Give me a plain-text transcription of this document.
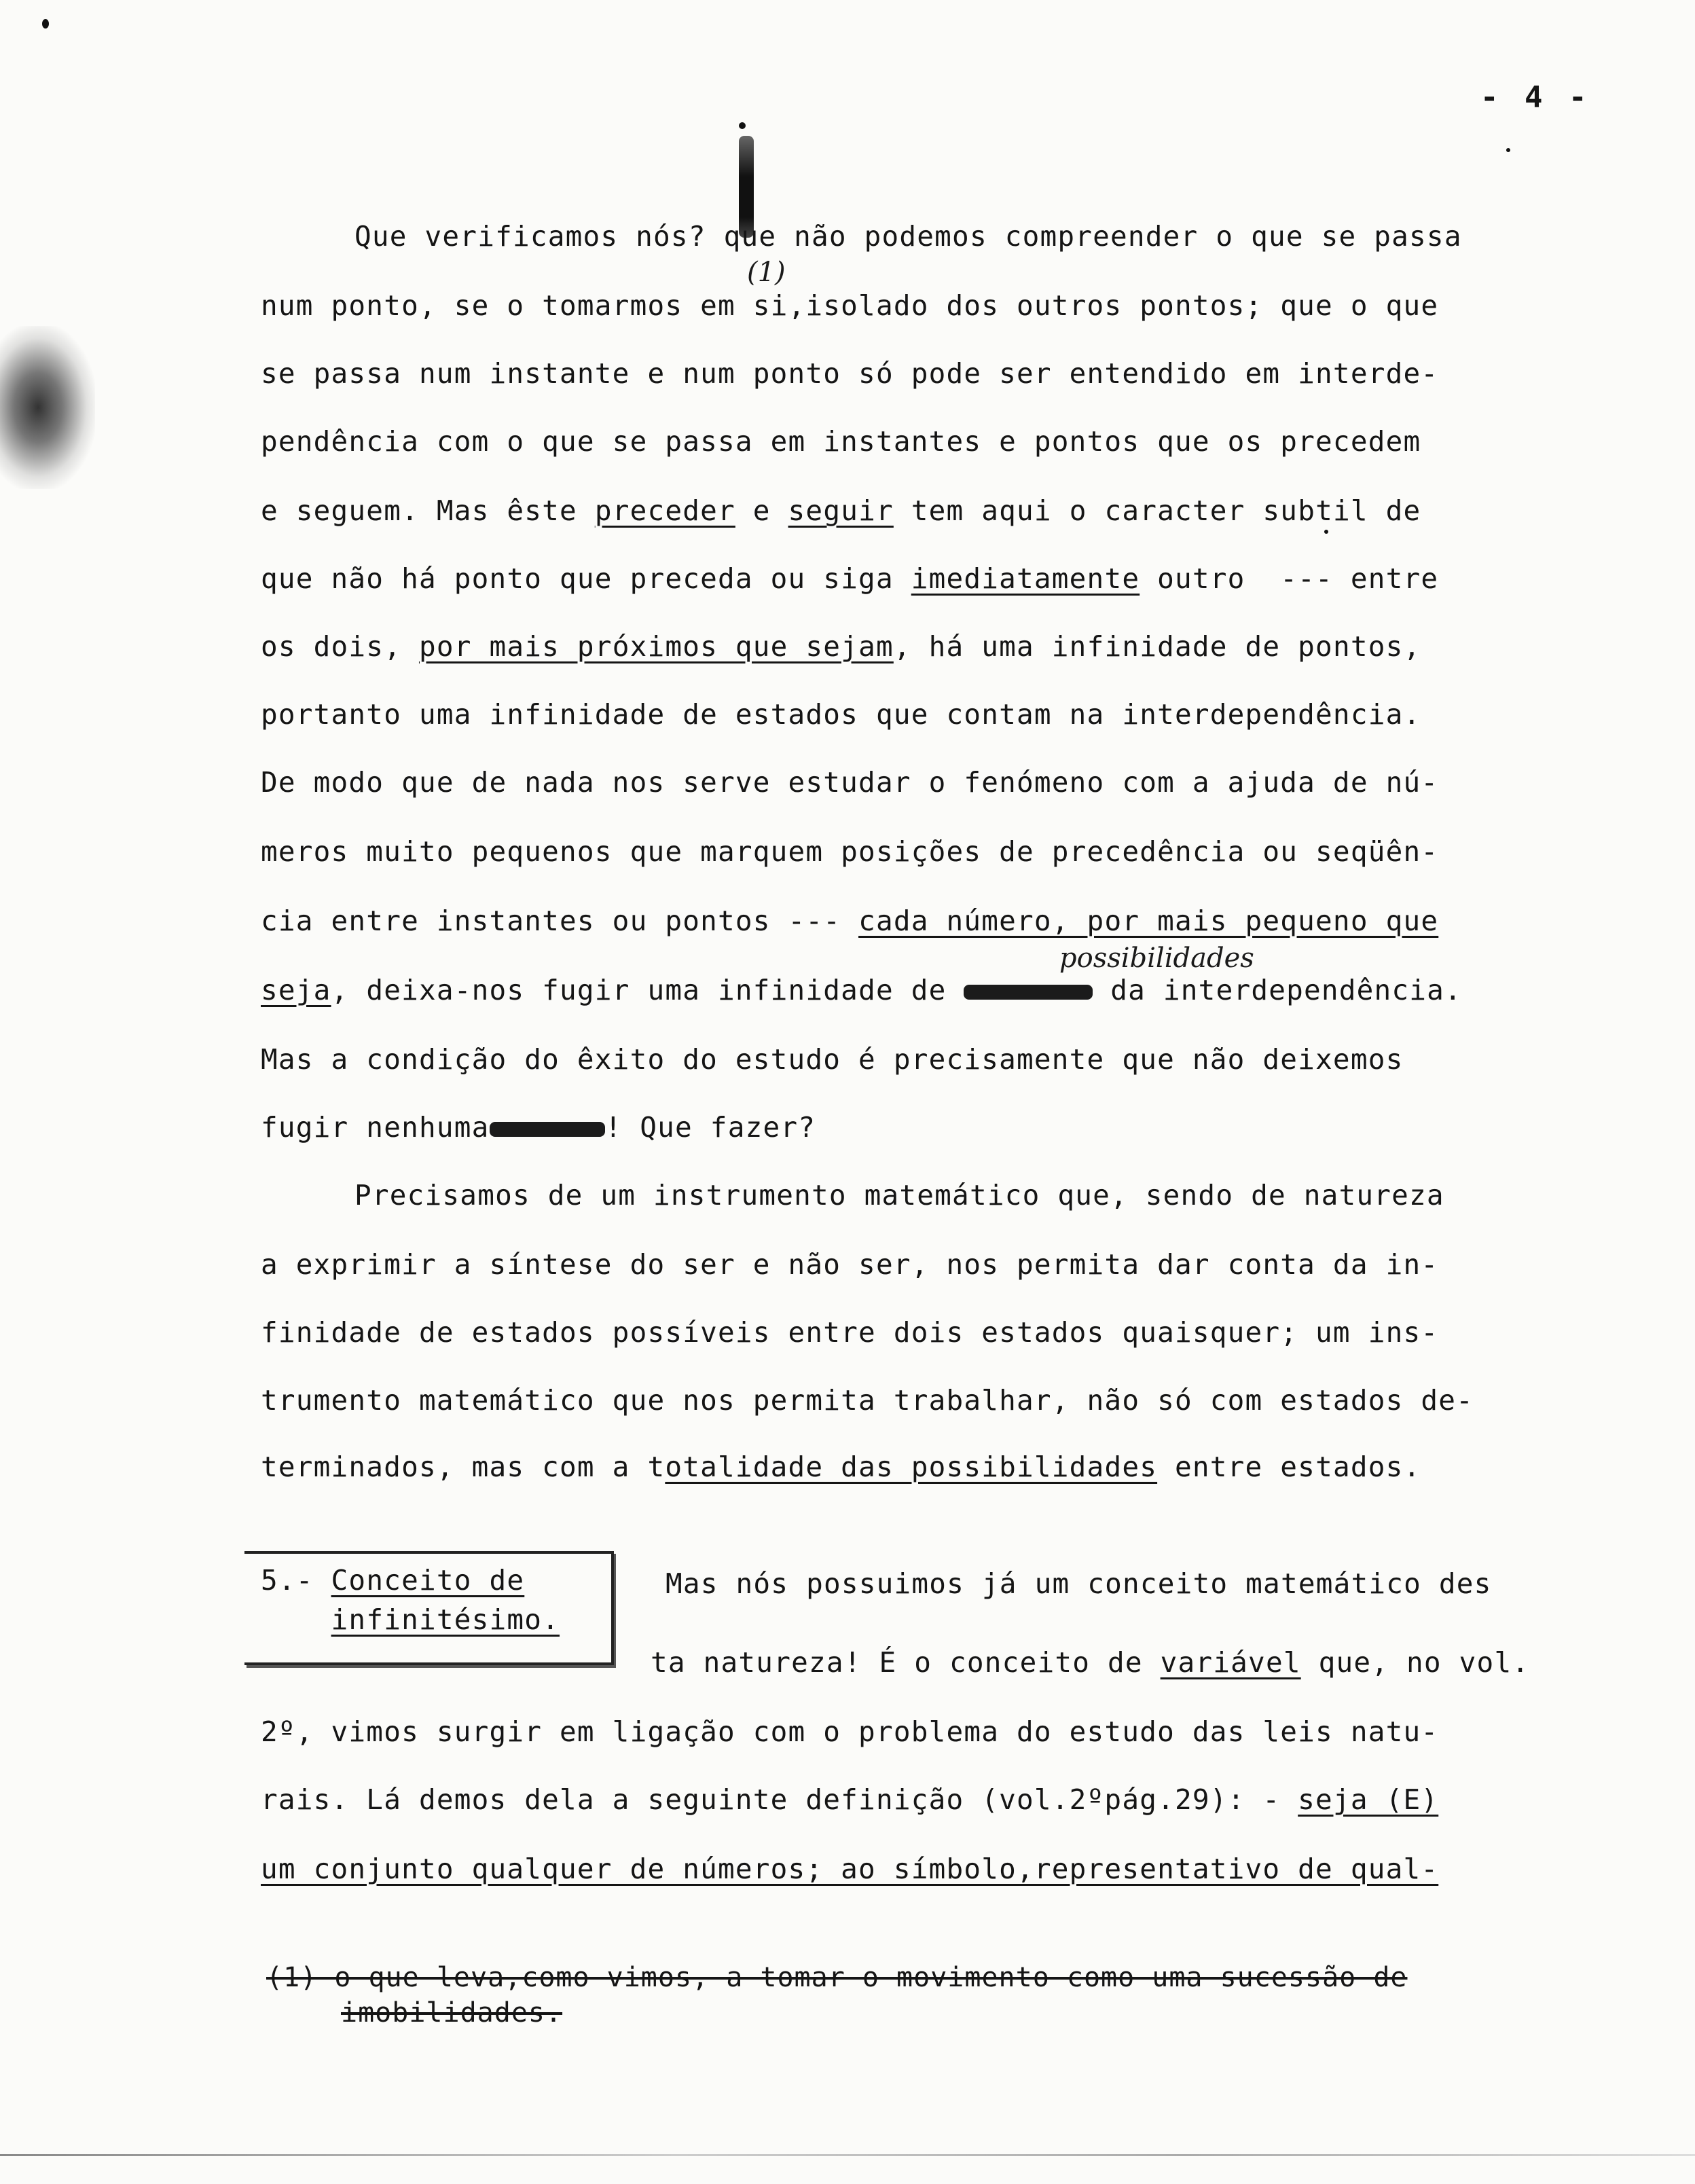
- 4 -
(1)
possibilidades
Que verificamos nós? que não podemos compreender o que se passa
num ponto, se o tomarmos em si,isolado dos outros pontos; que o que
se passa num instante e num ponto só pode ser entendido em interde-
pendência com o que se passa em instantes e pontos que os precedem
e seguem. Mas êste preceder e seguir tem aqui o caracter subtil de
que não há ponto que preceda ou siga imediatamente outro  --- entre
os dois, por mais próximos que sejam, há uma infinidade de pontos,
portanto uma infinidade de estados que contam na interdependência.
De modo que de nada nos serve estudar o fenómeno com a ajuda de nú-
meros muito pequenos que marquem posições de precedência ou seqüên-
cia entre instantes ou pontos --- cada número, por mais pequeno que
seja, deixa-nos fugir uma infinidade de	da interdependência.
Mas a condição do êxito do estudo é precisamente que não deixemos
fugir nenhuma	! Que fazer?
Precisamos de um instrumento matemático que, sendo de natureza
a exprimir a síntese do ser e não ser, nos permita dar conta da in-
finidade de estados possíveis entre dois estados quaisquer; um ins-
trumento matemático que nos permita trabalhar, não só com estados de-
terminados, mas com a totalidade das possibilidades entre estados.
5.- Conceito de
infinitésimo.
Mas nós possuimos já um conceito matemático des
ta natureza! É o conceito de variável que, no vol.
2º, vimos surgir em ligação com o problema do estudo das leis natu-
rais. Lá demos dela a seguinte definição (vol.2ºpág.29): - seja (E)
um conjunto qualquer de números; ao símbolo,representativo de qual-
(1) o que leva,como vimos, a tomar o movimento como uma sucessão de
imobilidades.
